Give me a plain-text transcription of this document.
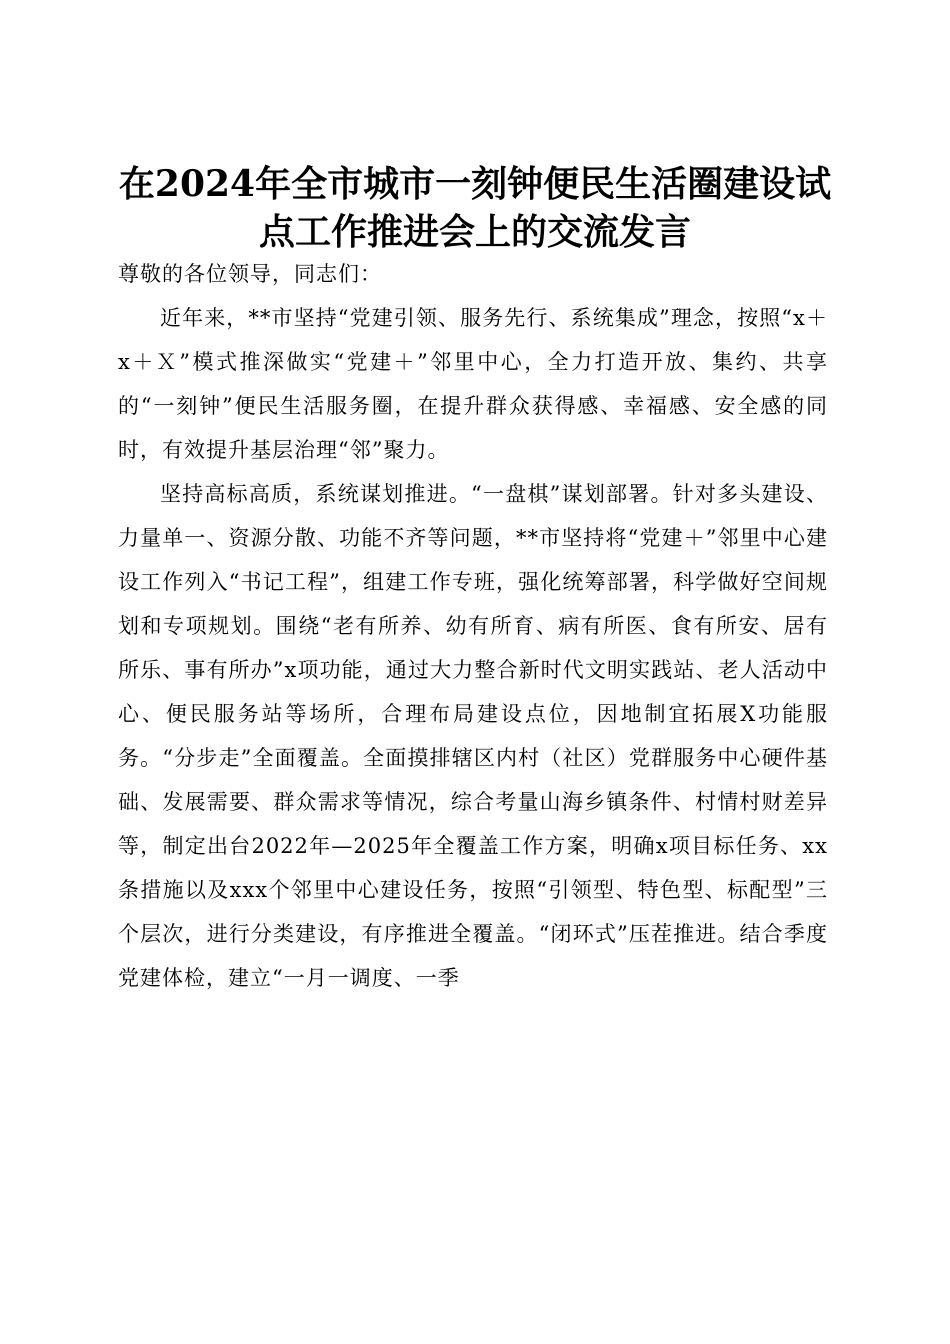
在2024年全市城市一刻钟便民生活圈建设试
点工作推进会上的交流发言

尊敬的各位领导，同志们：

近年来，**市坚持“党建引领、服务先行、系统集成”理念，按照“x＋x＋Ｘ”模式推深做实“党建＋”邻里中心，全力打造开放、集约、共享的“一刻钟”便民生活服务圈，在提升群众获得感、幸福感、安全感的同时，有效提升基层治理“邻”聚力。

坚持高标高质，系统谋划推进。“一盘棋”谋划部署。针对多头建设、力量单一、资源分散、功能不齐等问题，**市坚持将“党建＋”邻里中心建设工作列入“书记工程”，组建工作专班，强化统筹部署，科学做好空间规划和专项规划。围绕“老有所养、幼有所育、病有所医、食有所安、居有所乐、事有所办”x项功能，通过大力整合新时代文明实践站、老人活动中心、便民服务站等场所，合理布局建设点位，因地制宜拓展X功能服务。“分步走”全面覆盖。全面摸排辖区内村（社区）党群服务中心硬件基础、发展需要、群众需求等情况，综合考量山海乡镇条件、村情村财差异等，制定出台2022年—2025年全覆盖工作方案，明确x项目标任务、xx条措施以及xxx个邻里中心建设任务，按照“引领型、特色型、标配型”三个层次，进行分类建设，有序推进全覆盖。“闭环式”压茬推进。结合季度党建体检，建立“一月一调度、一季
